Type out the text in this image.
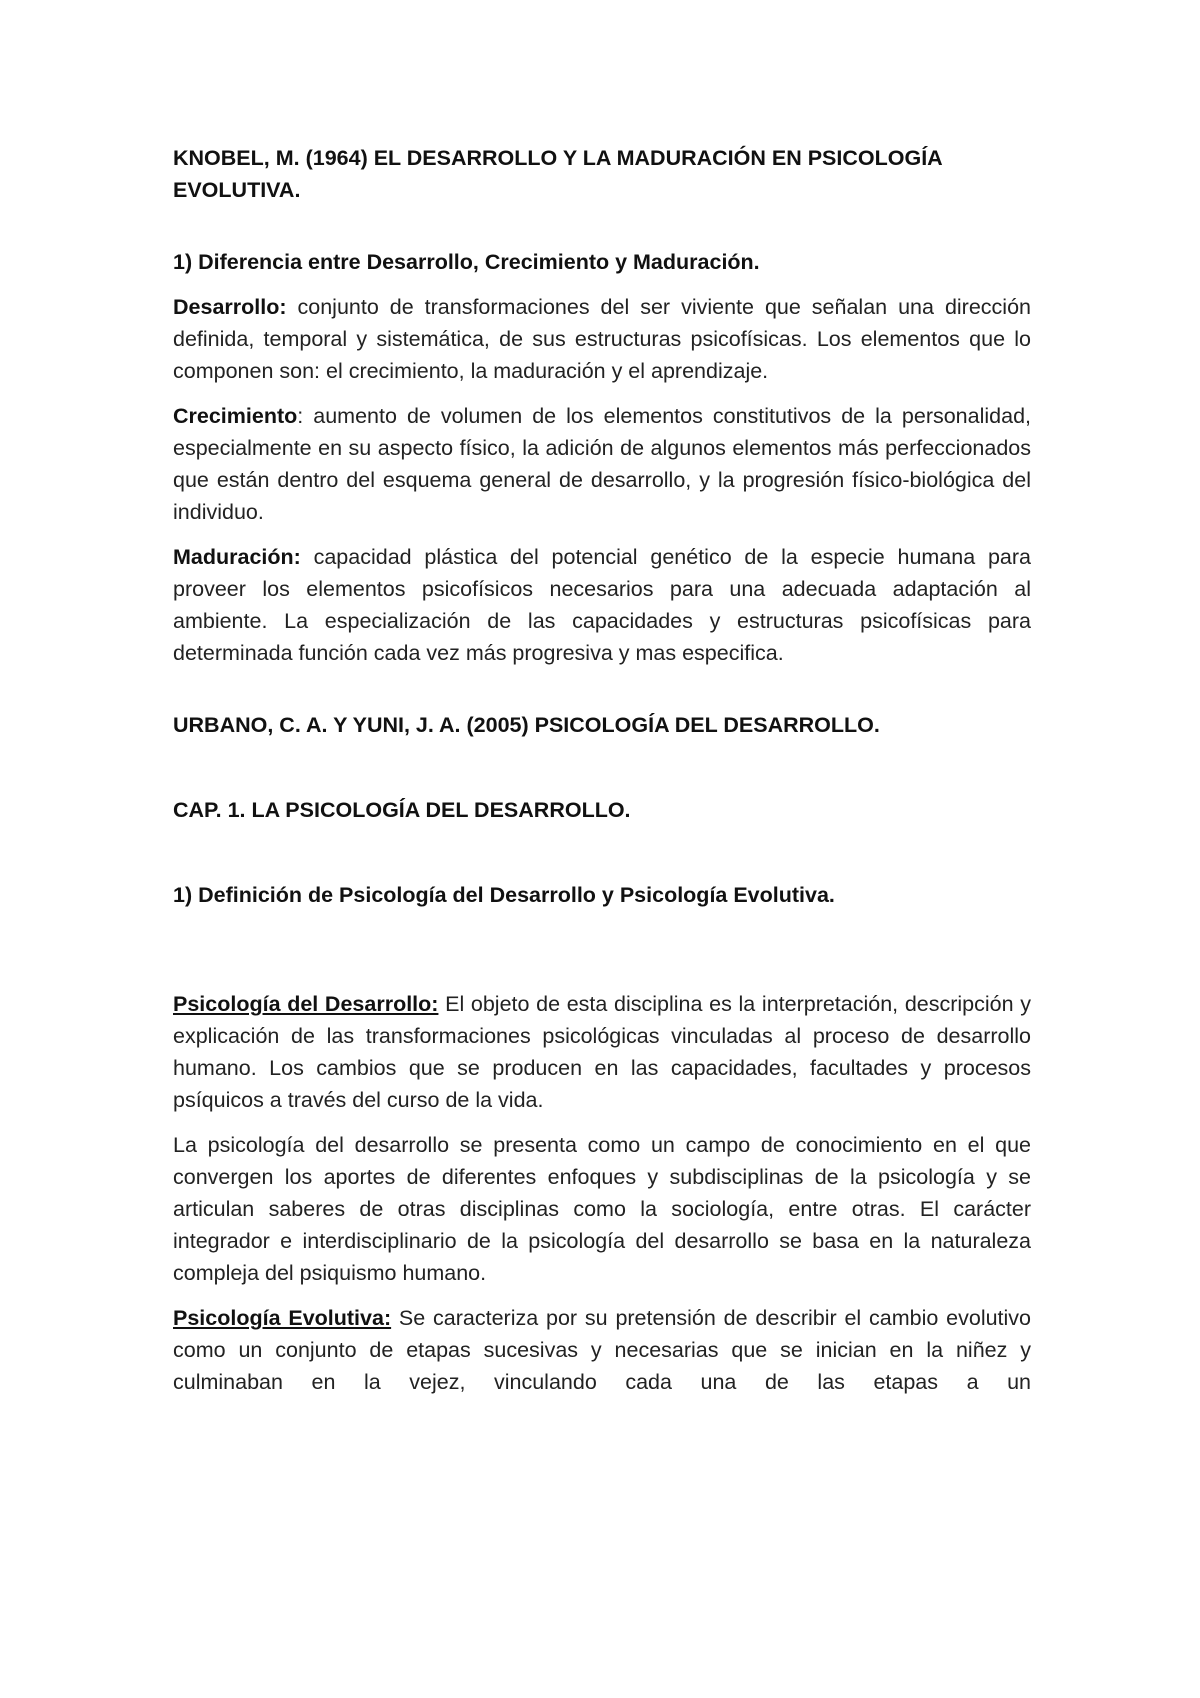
KNOBEL, M. (1964) EL DESARROLLO Y LA MADURACIÓN EN PSICOLOGÍA EVOLUTIVA.

1) Diferencia entre Desarrollo, Crecimiento y Maduración.

Desarrollo: conjunto de transformaciones del ser viviente que señalan una dirección definida, temporal y sistemática, de sus estructuras psicofísicas. Los elementos que lo componen son: el crecimiento, la maduración y el aprendizaje.

Crecimiento: aumento de volumen de los elementos constitutivos de la personalidad, especialmente en su aspecto físico, la adición de algunos elementos más perfeccionados que están dentro del esquema general de desarrollo, y la progresión físico-biológica del individuo.

Maduración: capacidad plástica del potencial genético de la especie humana para proveer los elementos psicofísicos necesarios para una adecuada adaptación al ambiente. La especialización de las capacidades y estructuras psicofísicas para determinada función cada vez más progresiva y mas especifica.

URBANO, C. A. Y YUNI, J. A. (2005) PSICOLOGÍA DEL DESARROLLO.

CAP. 1. LA PSICOLOGÍA DEL DESARROLLO.

1) Definición de Psicología del Desarrollo y Psicología Evolutiva.

Psicología del Desarrollo: El objeto de esta disciplina es la interpretación, descripción y explicación de las transformaciones psicológicas vinculadas al proceso de desarrollo humano. Los cambios que se producen en las capacidades, facultades y procesos psíquicos a través del curso de la vida.

La psicología del desarrollo se presenta como un campo de conocimiento en el que convergen los aportes de diferentes enfoques y subdisciplinas de la psicología y se articulan saberes de otras disciplinas como la sociología, entre otras. El carácter integrador e interdisciplinario de la psicología del desarrollo se basa en la naturaleza compleja del psiquismo humano.

Psicología Evolutiva: Se caracteriza por su pretensión de describir el cambio evolutivo como un conjunto de etapas sucesivas y necesarias que se inician en la niñez y culminaban en la vejez, vinculando cada una de las etapas a un
